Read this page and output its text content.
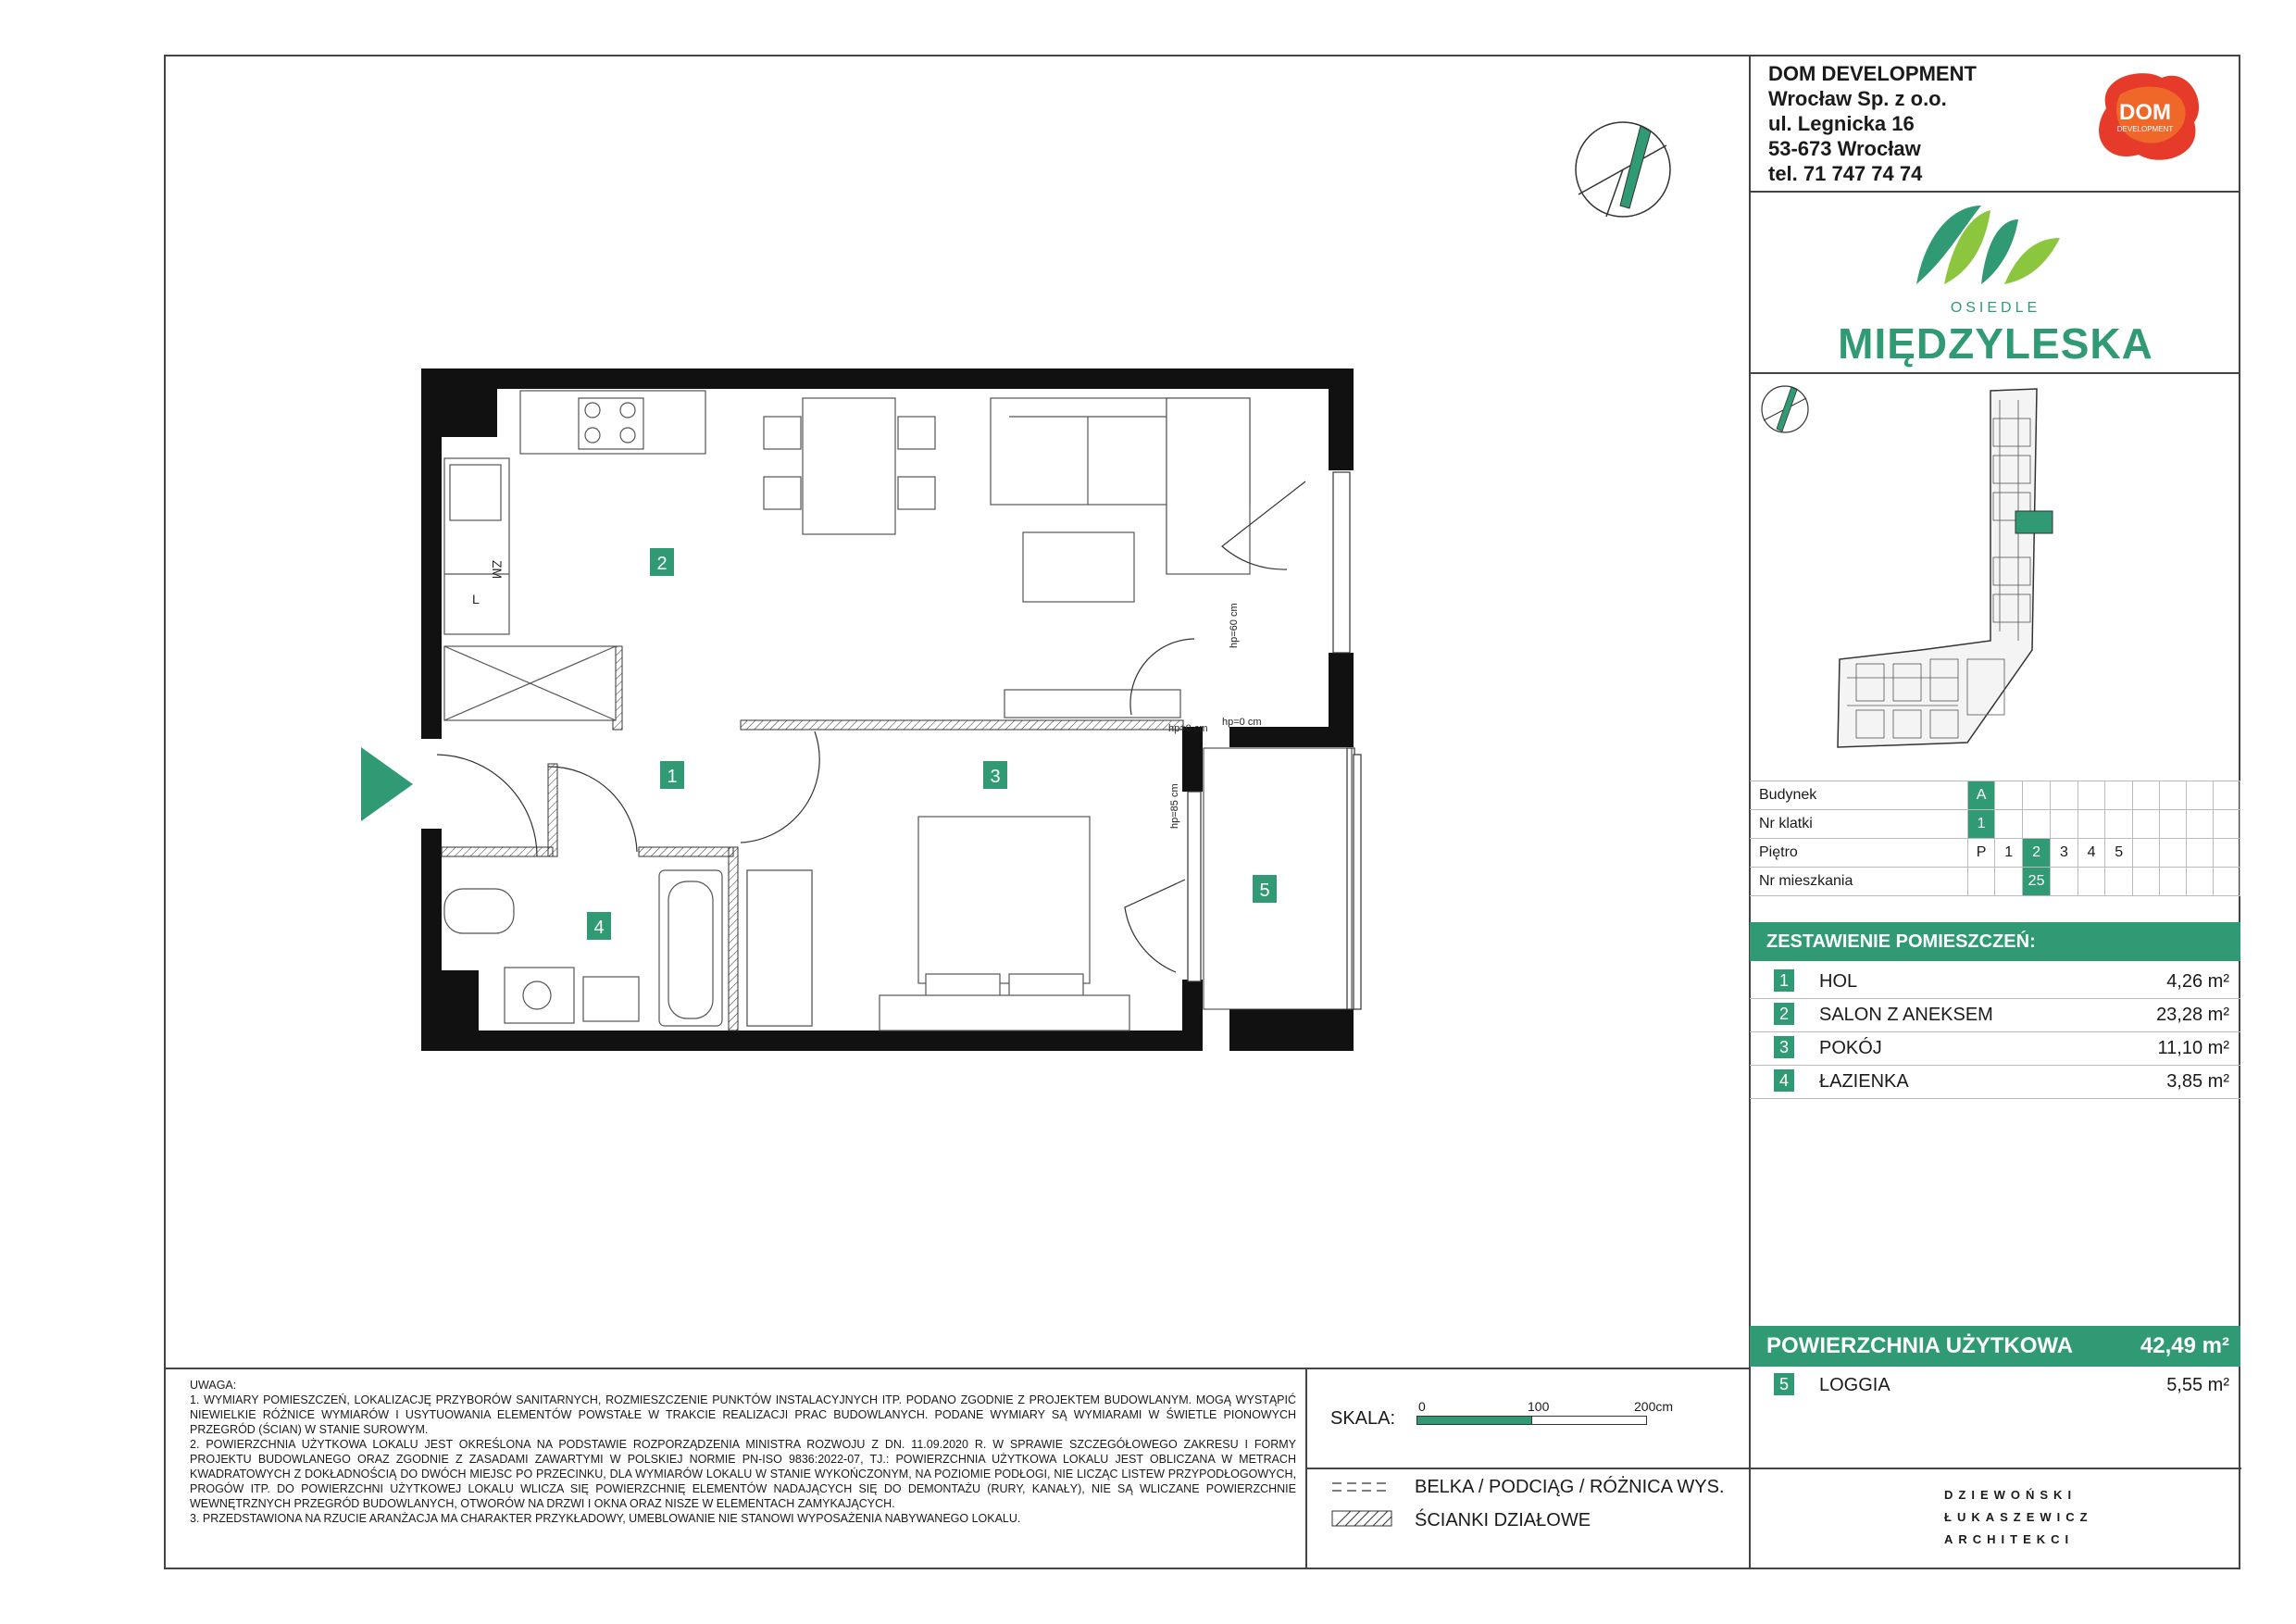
DOM DEVELOPMENT
Wrocław Sp. z o.o.
ul. Legnicka 16
53-673 Wrocław
tel. 71 747 74 74
DOM
DEVELOPMENT
OSIEDLE
MIĘDZYLESKA
Budynek	A									
Nr klatki	1									
Piętro	P	1	2	3	4	5				
Nr mieszkania			25							
ZESTAWIENIE POMIESZCZEŃ:
1	HOL	4,26 m²
2	SALON Z ANEKSEM	23,28 m²
3	POKÓJ	11,10 m²
4	ŁAZIENKA	3,85 m²
POWIERZCHNIA UŻYTKOWA	42,49 m²
5	LOGGIA	5,55 m²

UWAGA:

1. WYMIARY POMIESZCZEŃ, LOKALIZACJĘ PRZYBORÓW SANITARNYCH, ROZMIESZCZENIE PUNKTÓW INSTALACYJNYCH ITP. PODANO ZGODNIE Z PROJEKTEM BUDOWLANYM. MOGĄ WYSTĄPIĆ NIEWIELKIE RÓŻNICE WYMIARÓW I USYTUOWANIA ELEMENTÓW POWSTAŁE W TRAKCIE REALIZACJI PRAC BUDOWLANYCH. PODANE WYMIARY SĄ WYMIARAMI W ŚWIETLE PIONOWYCH PRZEGRÓD (ŚCIAN) W STANIE SUROWYM.

2. POWIERZCHNIA UŻYTKOWA LOKALU JEST OKREŚLONA NA PODSTAWIE ROZPORZĄDZENIA MINISTRA ROZWOJU Z DN. 11.09.2020 R. W SPRAWIE SZCZEGÓŁOWEGO ZAKRESU I FORMY PROJEKTU BUDOWLANEGO ORAZ ZGODNIE Z ZASADAMI ZAWARTYMI W POLSKIEJ NORMIE PN-ISO 9836:2022-07, TJ.: POWIERZCHNIA UŻYTKOWA LOKALU JEST OBLICZANA W METRACH KWADRATOWYCH Z DOKŁADNOŚCIĄ DO DWÓCH MIEJSC PO PRZECINKU, DLA WYMIARÓW LOKALU W STANIE WYKOŃCZONYM, NA POZIOMIE PODŁOGI, NIE LICZĄC LISTEW PRZYPODŁOGOWYCH, PROGÓW ITP. DO POWIERZCHNI UŻYTKOWEJ LOKALU WLICZA SIĘ POWIERZCHNIĘ ELEMENTÓW NADAJĄCYCH SIĘ DO DEMONTAŻU (RURY, KANAŁY), NIE SĄ WLICZANE POWIERZCHNIE WEWNĘTRZNYCH PRZEGRÓD BUDOWLANYCH, OTWORÓW NA DRZWI I OKNA ORAZ NISZE W ELEMENTACH ZAMYKAJĄCYCH.

3. PRZEDSTAWIONA NA RZUCIE ARANŻACJA MA CHARAKTER PRZYKŁADOWY, UMEBLOWANIE NIE STANOWI WYPOSAŻENIA NABYWANEGO LOKALU.

SKALA:
0	100	200cm
BELKA / PODCIĄG / RÓŻNICA WYS.
ŚCIANKI DZIAŁOWE
DZIEWOŃSKI
ŁUKASZEWICZ
ARCHITEKCI
ZM
L
hp=60 cm
hp=0 cm
hp=85 cm
hp=0 cm
2
1	3
4
5
